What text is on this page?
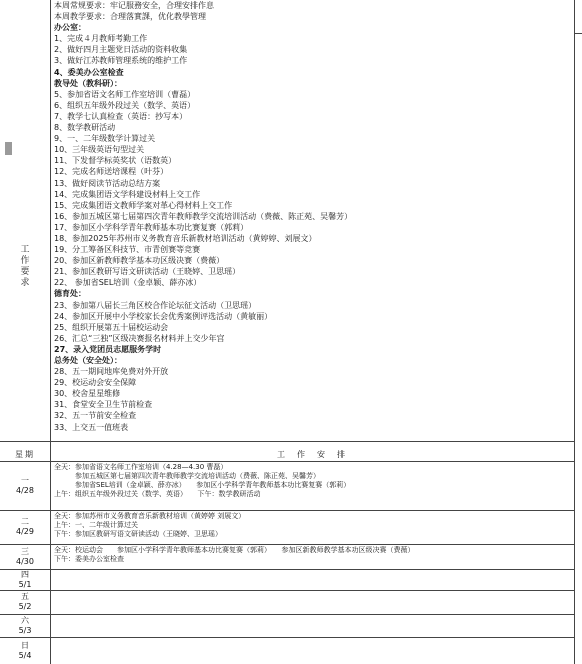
工
作
要
求
本周常规要求：牢记服務安全，合理安排作息
本周教学要求：合理落實課，优化教學管理
办公室：
1、完成４月教师考勤工作
2、做好四月主题党日活动的资料收集
3、做好江苏教师管理系统的维护工作
4、委美办公室检查
教导处（教科研）：
5、参加省语文名师工作室培训（曹磊）
6、组织五年级外段过关（数学、英语）
7、教学七认真检查（英语：抄写本）
8、数学教研活动
9、一、二年级数学计算过关
10、三年级英语句型过关
11、下发督学标英奖状（语数英）
12、完成名师送培课程（叶芬）
13、做好阅读节活动总结方案
14、完成集团语文学科建设材料上交工作
15、完成集团语文教师学案对革心得材料上交工作
16、参加五城区第七届第四次青年教师教学交流培训活动（费薇、陈正苑、吴馨芳）
17、参加区小学科学青年教师基本功比赛复赛（郭莉）
18、参加2025年苏州市义务教育音乐新教材培训活动（黄婷婷、刘展文）
19、分工筹备区科技节、市青创赛等竞赛
20、参加区新教师教学基本功区级决赛（费薇）
21、参加区教研写语文研读活动（王晓婷、卫思瑶）
22、 参加省SEL培训（金卓颖、薛亦冰）
德育处：
23、参加第八届长三角区校合作论坛征文活动（卫思瑶）
24、参加区开展中小学校家长会优秀案例评选活动（黄敏丽）
25、组织开展第五十届校运动会
26、汇总“三独”区级决赛报名材料并上交少年宫
27、录入党团员志愿服务学时
总务处（安全处）：
28、五一期间地库免费对外开放
29、校运动会安全保障
30、校舍星星维修
31、食堂安全卫生节前检查
32、五一节前安全检查
33、上交五一值班表
星期	工　作　安　排
一
4/28
全天：参加省语文名师工作室培训（4.28—4.30 曹磊）
　　　参加五城区第七届第四次青年教师教学交流培训活动（费薇、陈正苑、吴馨芳）
　　　参加省SEL培训（金卓颖、薛亦冰）　　参加区小学科学青年教师基本功比赛复赛（郭莉）
上午：组织五年级外段过关（数学、英语）　　下午：数学教研活动
二
4/29
全天：参加苏州市义务教育音乐新教材培训（黄婷婷 刘展文）
上午：一、二年级计算过关
下午：参加区教研写语文研读活动（王晓婷、卫思瑶）
三
4/30
全天：校运动会　　参加区小学科学青年教师基本功比赛复赛（郭莉）　　参加区新教师教学基本功区级决赛（费薇）
下午：委美办公室检查
四
5/1
五
5/2
六
5/3
日
5/4
